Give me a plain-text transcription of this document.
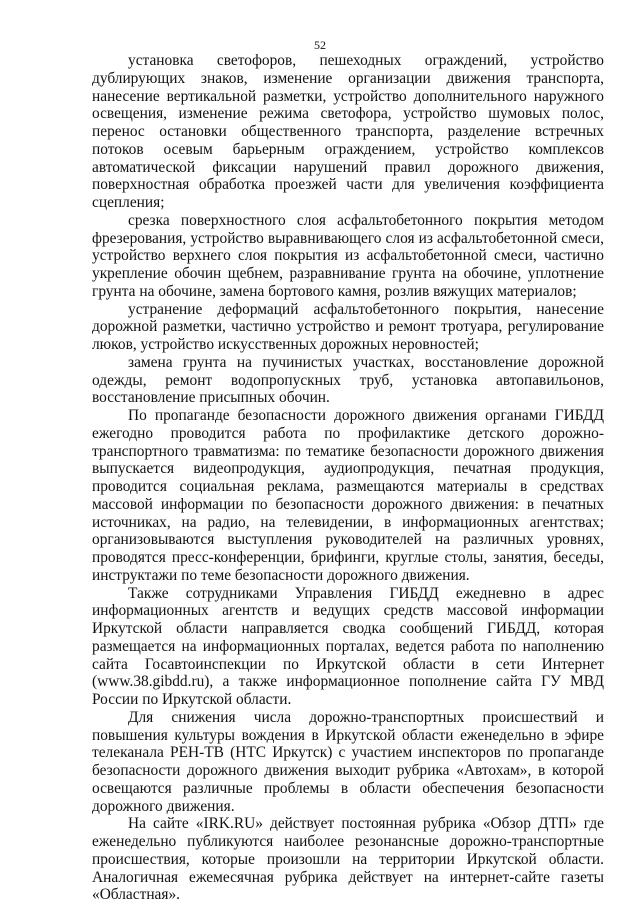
52

установка светофоров, пешеходных ограждений, устройство дублирующих знаков, изменение организации движения транспорта, нанесение вертикальной разметки, устройство дополнительного наружного освещения, изменение режима светофора, устройство шумовых полос, перенос остановки общественного транспорта, разделение встречных потоков осевым барьерным ограждением, устройство комплексов автоматической фиксации нарушений правил дорожного движения, поверхностная обработка проезжей части для увеличения коэффициента сцепления;

срезка поверхностного слоя асфальтобетонного покрытия методом фрезерования, устройство выравнивающего слоя из асфальтобетонной смеси, устройство верхнего слоя покрытия из асфальтобетонной смеси, частично укрепление обочин щебнем, разравнивание грунта на обочине, уплотнение грунта на обочине, замена бортового камня, розлив вяжущих материалов;

устранение деформаций асфальтобетонного покрытия, нанесение дорожной разметки, частично устройство и ремонт тротуара, регулирование люков, устройство искусственных дорожных неровностей;

замена грунта на пучинистых участках, восстановление дорожной одежды, ремонт водопропускных труб, установка автопавильонов, восстановление присыпных обочин.

По пропаганде безопасности дорожного движения органами ГИБДД ежегодно проводится работа по профилактике детского дорожно-транспортного травматизма: по тематике безопасности дорожного движения выпускается видеопродукция, аудиопродукция, печатная продукция, проводится социальная реклама, размещаются материалы в средствах массовой информации по безопасности дорожного движения: в печатных источниках, на радио, на телевидении, в информационных агентствах; организовываются выступления руководителей на различных уровнях, проводятся пресс-конференции, брифинги, круглые столы, занятия, беседы, инструктажи по теме безопасности дорожного движения.

Также сотрудниками Управления ГИБДД ежедневно в адрес информационных агентств и ведущих средств массовой информации Иркутской области направляется сводка сообщений ГИБДД, которая размещается на информационных порталах, ведется работа по наполнению сайта Госавтоинспекции по Иркутской области в сети Интернет (www.38.gibdd.ru), а также информационное пополнение сайта ГУ МВД России по Иркутской области.

Для снижения числа дорожно-транспортных происшествий и повышения культуры вождения в Иркутской области еженедельно в эфире телеканала РЕН-ТВ (НТС Иркутск) с участием инспекторов по пропаганде безопасности дорожного движения выходит рубрика «Автохам», в которой освещаются различные проблемы в области обеспечения безопасности дорожного движения.

На сайте «IRK.RU» действует постоянная рубрика «Обзор ДТП» где еженедельно публикуются наиболее резонансные дорожно-транспортные происшествия, которые произошли на территории Иркутской области. Аналогичная ежемесячная рубрика действует на интернет-сайте газеты «Областная».
